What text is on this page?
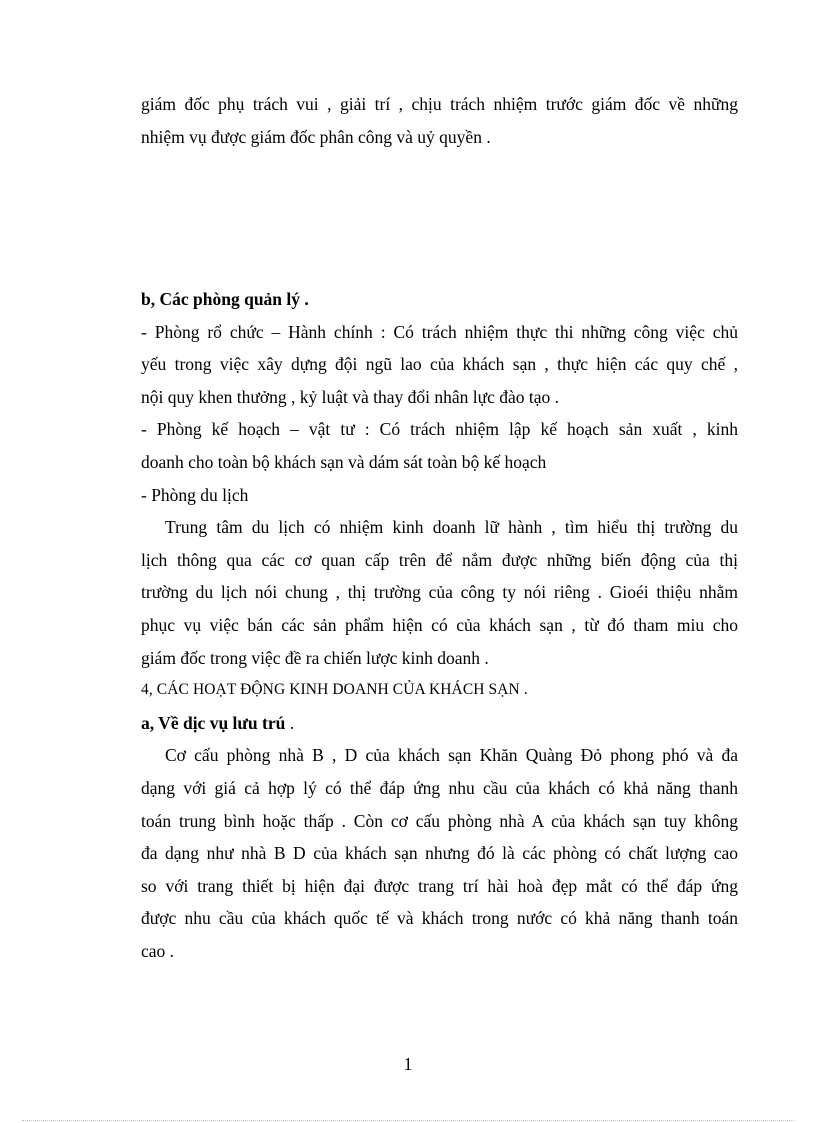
giám đốc phụ trách vui , giải trí , chịu trách nhiệm trước giám đốc về những
nhiệm vụ được giám đốc phân công và uỷ quyền .
b, Các phòng quản lý .
- Phòng rổ chức – Hành chính : Có trách nhiệm thực thi những công việc chủ
yếu trong việc xây dựng đội ngũ lao của khách sạn , thực hiện các quy chế ,
nội quy khen thưởng , kỷ luật và thay đổi nhân lực đào tạo .
- Phòng kế hoạch – vật tư : Có trách nhiệm lập kế hoạch sản xuất , kinh
doanh cho toàn bộ khách sạn và dám sát toàn bộ kế hoạch
- Phòng du lịch
Trung tâm du lịch có nhiệm kinh doanh lữ hành , tìm hiểu thị trường du
lịch thông qua các cơ quan cấp trên để nắm được những biến động của thị
trường du lịch nói chung , thị trường của công ty nói riêng . Gioéi thiệu nhằm
phục vụ việc bán các sản phẩm hiện có của khách sạn , từ đó tham miu cho
giám đốc trong việc đề ra chiến lược kinh doanh .
4, CÁC HOẠT ĐỘNG KINH DOANH CỦA KHÁCH SẠN .
a, Về dịc vụ lưu trú .
Cơ cấu phòng nhà B , D của khách sạn Khăn Quàng Đỏ phong phó và đa
dạng với giá cả hợp lý có thể đáp ứng nhu cầu của khách có khả năng thanh
toán trung bình hoặc thấp . Còn cơ cấu phòng nhà A của khách sạn tuy không
đa dạng như nhà B D của khách sạn nhưng đó là các phòng có chất lượng cao
so với trang thiết bị hiện đại được trang trí hài hoà đẹp mắt có thể đáp ứng
được nhu cầu của khách quốc tế và khách trong nước có khả năng thanh toán
cao .
1
